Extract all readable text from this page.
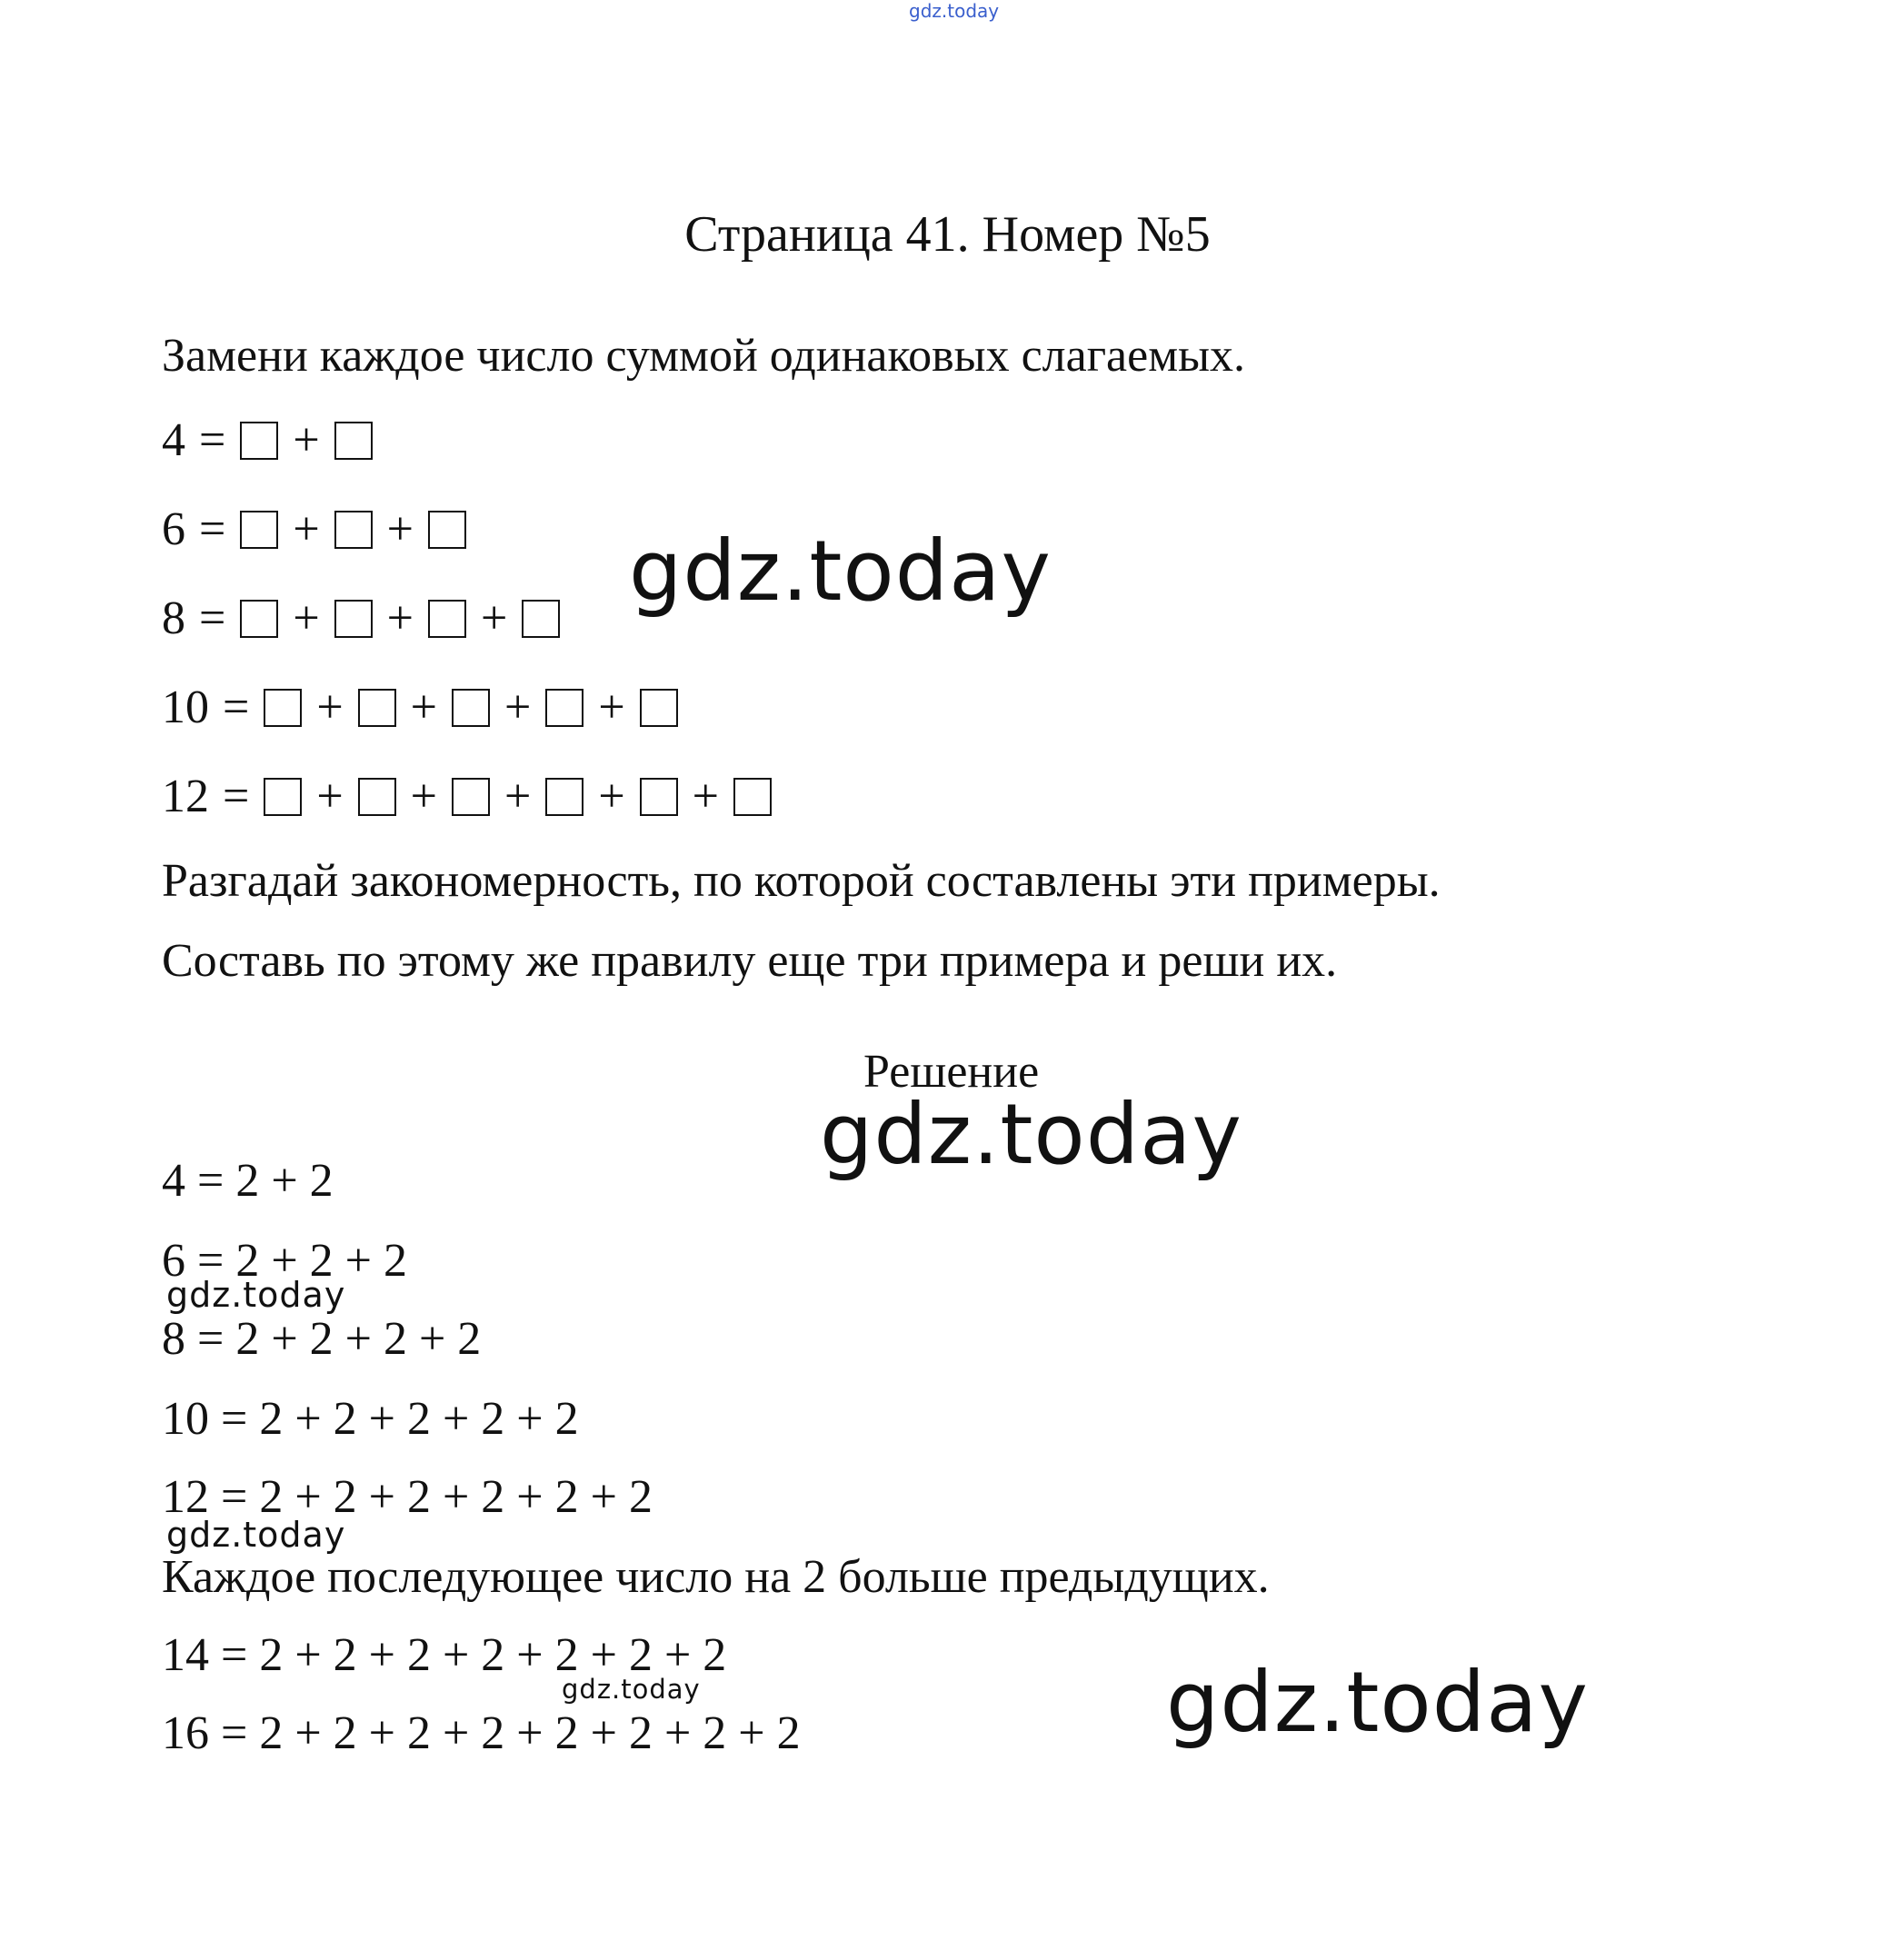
gdz.today
Страница 41. Номер №5
Замени каждое число суммой одинаковых слагаемых.
4 = +
6 = + +
8 = + + +
10 = + + + +
12 = + + + + +
Разгадай закономерность, по которой составлены эти примеры.
Составь по этому же правилу еще три примера и реши их.
Решение
4 = 2 + 2
6 = 2 + 2 + 2
8 = 2 + 2 + 2 + 2
10 = 2 + 2 + 2 + 2 + 2
12 = 2 + 2 + 2 + 2 + 2 + 2
Каждое последующее число на 2 больше предыдущих.
14 = 2 + 2 + 2 + 2 + 2 + 2 + 2
16 = 2 + 2 + 2 + 2 + 2 + 2 + 2 + 2
gdz.today
gdz.today
gdz.today
gdz.today
gdz.today	gdz.today
